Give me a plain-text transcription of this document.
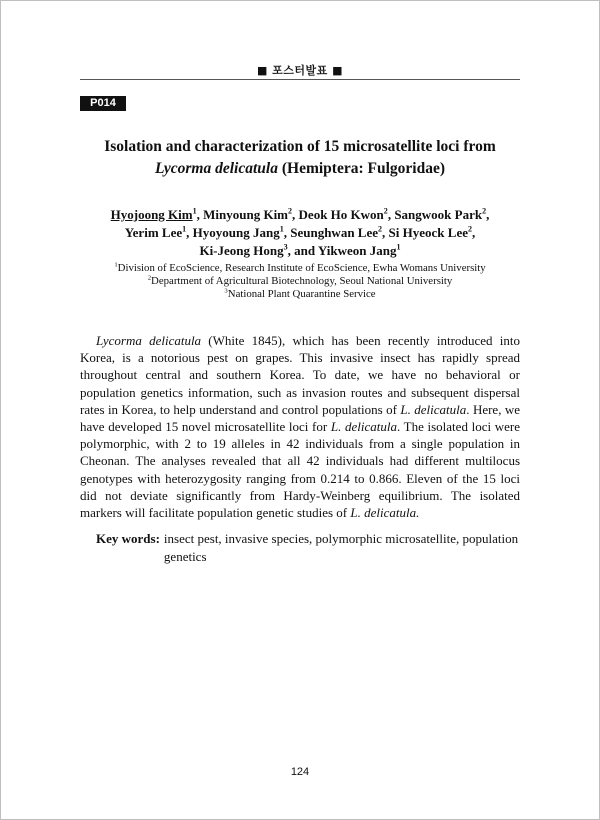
■ 포스터발표 ■
P014
Isolation and characterization of 15 microsatellite loci from
Lycorma delicatula (Hemiptera: Fulgoridae)
Hyojoong Kim$^1$, Minyoung Kim$^2$, Deok Ho Kwon$^2$, Sangwook Park$^2$,
Yerim Lee$^1$, Hyoyoung Jang$^1$, Seunghwan Lee$^2$, Si Hyeock Lee$^2$,
Ki-Jeong Hong$^3$, and Yikweon Jang$^1$
$^1$Division of EcoScience, Research Institute of EcoScience, Ewha Womans University
$^2$Department of Agricultural Biotechnology, Seoul National University
$^3$National Plant Quarantine Service

Lycorma delicatula (White 1845), which has been recently introduced into Korea, is a notorious pest on grapes. This invasive insect has rapidly spread throughout central and southern Korea. To date, we have no behavioral or population genetics information, such as invasion routes and subsequent dispersal rates in Korea, to help understand and control populations of L. delicatula. Here, we have developed 15 novel microsatellite loci for L. delicatula. The isolated loci were polymorphic, with 2 to 19 alleles in 42 individuals from a single population in Cheonan. The analyses revealed that all 42 individuals had different multilocus genotypes with heterozygosity ranging from 0.214 to 0.866. Eleven of the 15 loci did not deviate significantly from Hardy-Weinberg equilibrium. The isolated markers will facilitate population genetic studies of L. delicatula.

Key words: insect pest, invasive species, polymorphic microsatellite, population genetics
124
